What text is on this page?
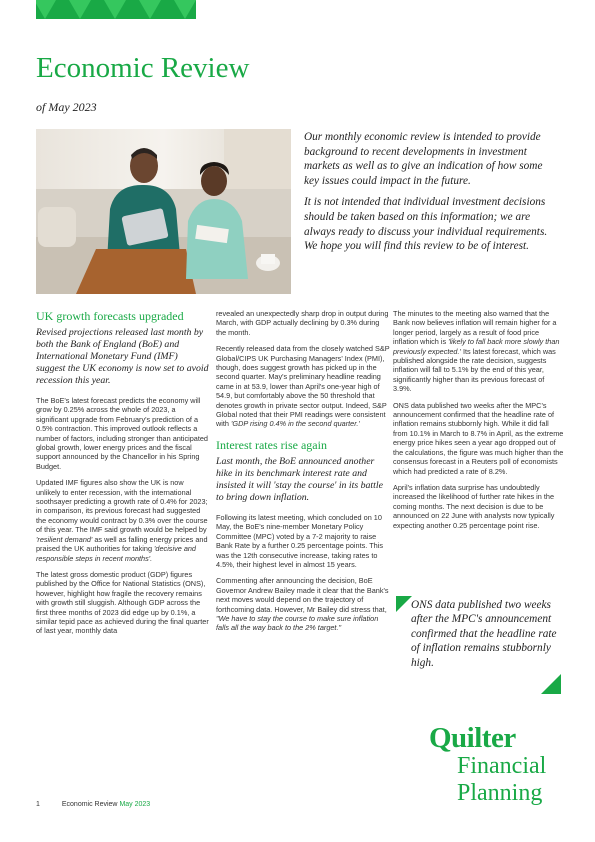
Economic Review
of May 2023

Our monthly economic review is intended to provide background to recent developments in investment markets as well as to give an indication of how some key issues could impact in the future.

It is not intended that individual investment decisions should be taken based on this information; we are always ready to discuss your individual requirements. We hope you will find this review to be of interest.

UK growth forecasts upgraded
Revised projections released last month by both the Bank of England (BoE) and International Monetary Fund (IMF) suggest the UK economy is now set to avoid recession this year.

The BoE's latest forecast predicts the economy will grow by 0.25% across the whole of 2023, a significant upgrade from February's prediction of a 0.5% contraction. This improved outlook reflects a number of factors, including stronger than anticipated global growth, lower energy prices and the fiscal support announced by the Chancellor in his Spring Budget.

Updated IMF figures also show the UK is now unlikely to enter recession, with the international soothsayer predicting a growth rate of 0.4% for 2023; in comparison, its previous forecast had suggested the economy would contract by 0.3% over the course of this year. The IMF said growth would be helped by 'resilient demand' as well as falling energy prices and praised the UK authorities for taking 'decisive and responsible steps in recent months'.

The latest gross domestic product (GDP) figures published by the Office for National Statistics (ONS), however, highlight how fragile the recovery remains with growth still sluggish. Although GDP across the first three months of 2023 did edge up by 0.1%, a similar tepid pace as achieved during the final quarter of last year, monthly data

revealed an unexpectedly sharp drop in output during March, with GDP actually declining by 0.3% during the month.

Recently released data from the closely watched S&P Global/CIPS UK Purchasing Managers' Index (PMI), though, does suggest growth has picked up in the second quarter. May's preliminary headline reading came in at 53.9, lower than April's one-year high of 54.9, but comfortably above the 50 threshold that denotes growth in private sector output. Indeed, S&P Global noted that their PMI readings were consistent with 'GDP rising 0.4% in the second quarter.'

Interest rates rise again
Last month, the BoE announced another hike in its benchmark interest rate and insisted it will 'stay the course' in its battle to bring down inflation.

Following its latest meeting, which concluded on 10 May, the BoE's nine-member Monetary Policy Committee (MPC) voted by a 7-2 majority to raise Bank Rate by a further 0.25 percentage points. This was the 12th consecutive increase, taking rates to 4.5%, their highest level in almost 15 years.

Commenting after announcing the decision, BoE Governor Andrew Bailey made it clear that the Bank's next moves would depend on the trajectory of forthcoming data. However, Mr Bailey did stress that, "We have to stay the course to make sure inflation falls all the way back to the 2% target."

The minutes to the meeting also warned that the Bank now believes inflation will remain higher for a longer period, largely as a result of food price inflation which is 'likely to fall back more slowly than previously expected.' Its latest forecast, which was published alongside the rate decision, suggests inflation will fall to 5.1% by the end of this year, significantly higher than its previous forecast of 3.9%.

ONS data published two weeks after the MPC's announcement confirmed that the headline rate of inflation remains stubbornly high. While it did fall from 10.1% in March to 8.7% in April, as the extreme energy price hikes seen a year ago dropped out of the calculations, the figure was much higher than the consensus forecast in a Reuters poll of economists which had predicted a rate of 8.2%.

April's inflation data surprise has undoubtedly increased the likelihood of further rate hikes in the coming months. The next decision is due to be announced on 22 June with analysts now typically expecting another 0.25 percentage point rise.

ONS data published two weeks after the MPC's announcement confirmed that the headline rate of inflation remains stubbornly high.
Quilter
Financial
Planning
1	Economic Review May 2023
